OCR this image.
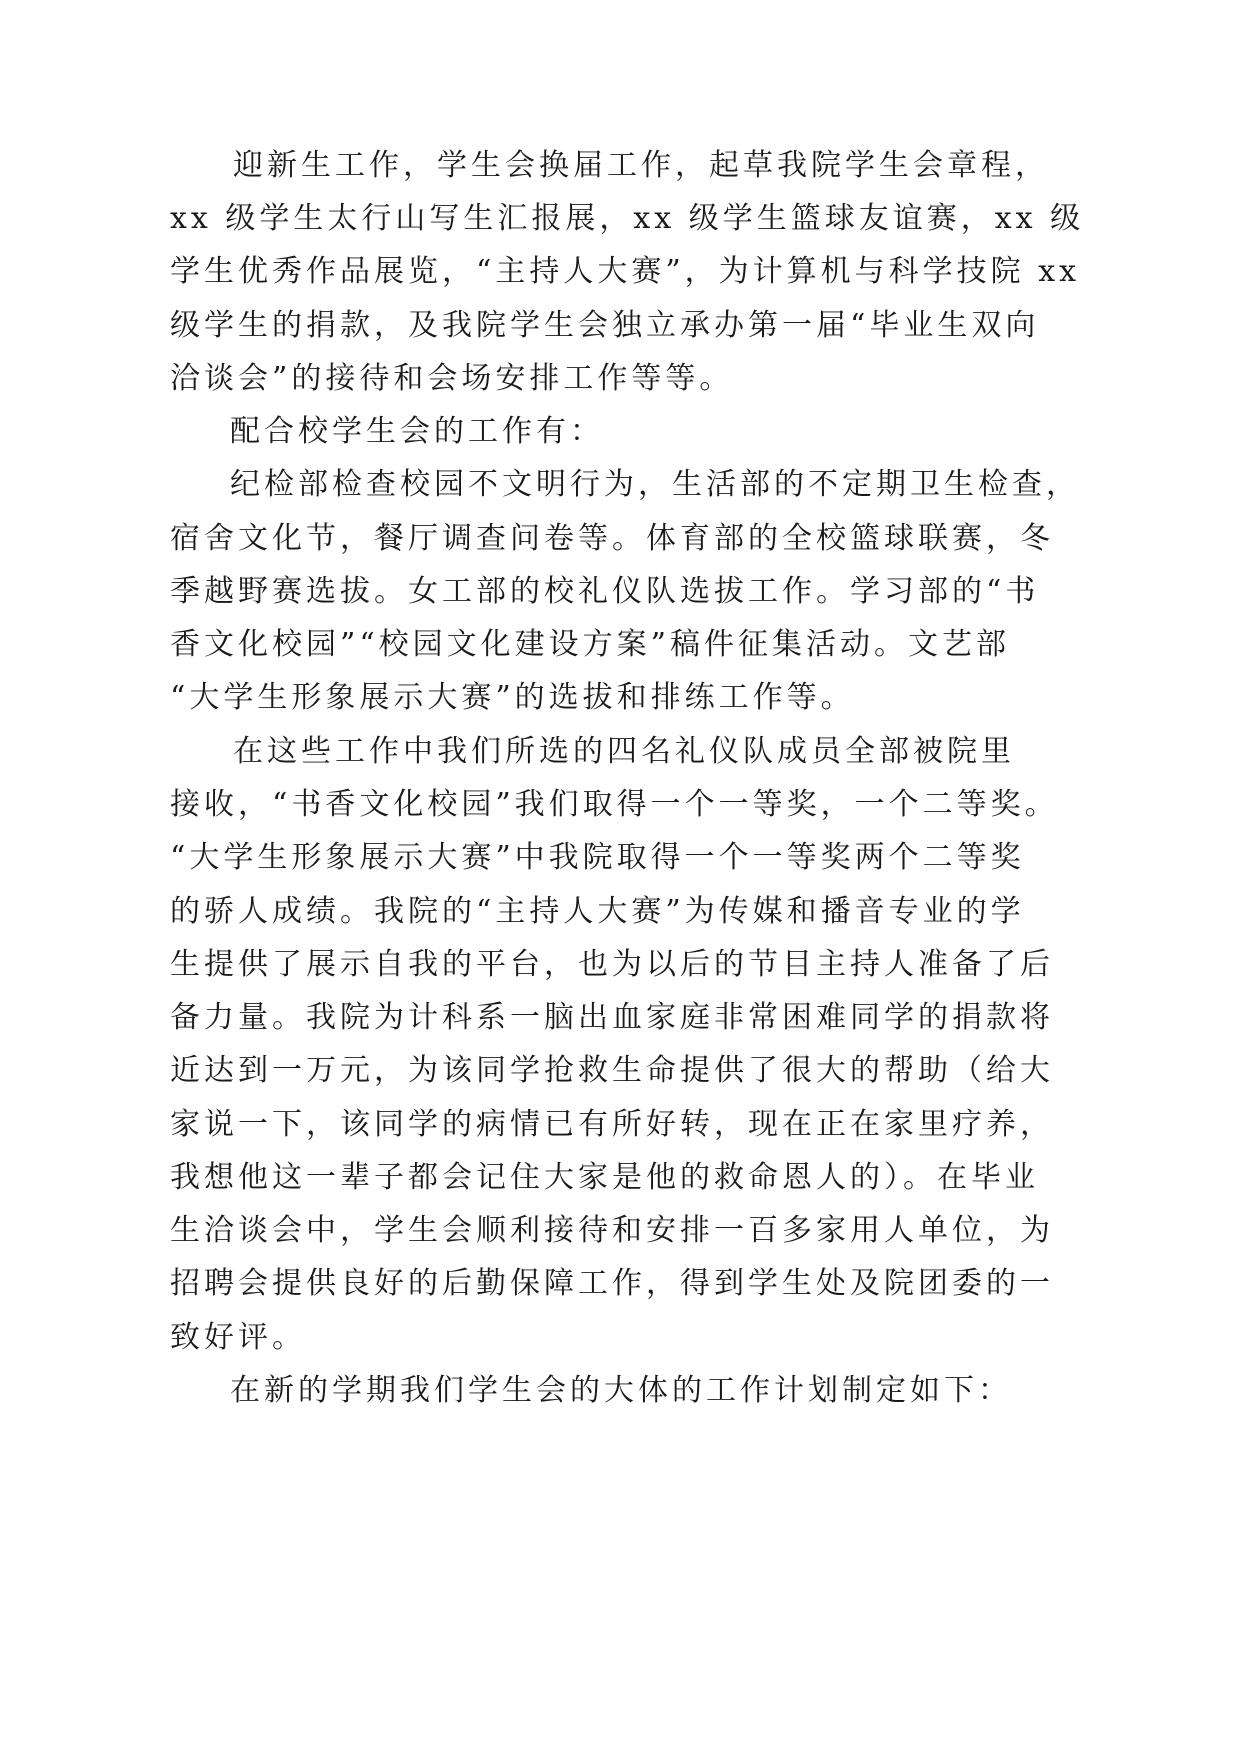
迎新生工作，学生会换届工作，起草我院学生会章程，
xx 级学生太行山写生汇报展，xx 级学生篮球友谊赛，xx 级
学生优秀作品展览，“主持人大赛”，为计算机与科学技院 xx
级学生的捐款，及我院学生会独立承办第一届“毕业生双向
洽谈会”的接待和会场安排工作等等。
配合校学生会的工作有：
纪检部检查校园不文明行为，生活部的不定期卫生检查，
宿舍文化节，餐厅调查问卷等。体育部的全校篮球联赛，冬
季越野赛选拔。女工部的校礼仪队选拔工作。学习部的“书
香文化校园”“校园文化建设方案”稿件征集活动。文艺部
“大学生形象展示大赛”的选拔和排练工作等。
在这些工作中我们所选的四名礼仪队成员全部被院里
接收，“书香文化校园”我们取得一个一等奖，一个二等奖。
“大学生形象展示大赛”中我院取得一个一等奖两个二等奖
的骄人成绩。我院的“主持人大赛”为传媒和播音专业的学
生提供了展示自我的平台，也为以后的节目主持人准备了后
备力量。我院为计科系一脑出血家庭非常困难同学的捐款将
近达到一万元，为该同学抢救生命提供了很大的帮助（给大
家说一下，该同学的病情已有所好转，现在正在家里疗养，
我想他这一辈子都会记住大家是他的救命恩人的）。在毕业
生洽谈会中，学生会顺利接待和安排一百多家用人单位，为
招聘会提供良好的后勤保障工作，得到学生处及院团委的一
致好评。
在新的学期我们学生会的大体的工作计划制定如下：
